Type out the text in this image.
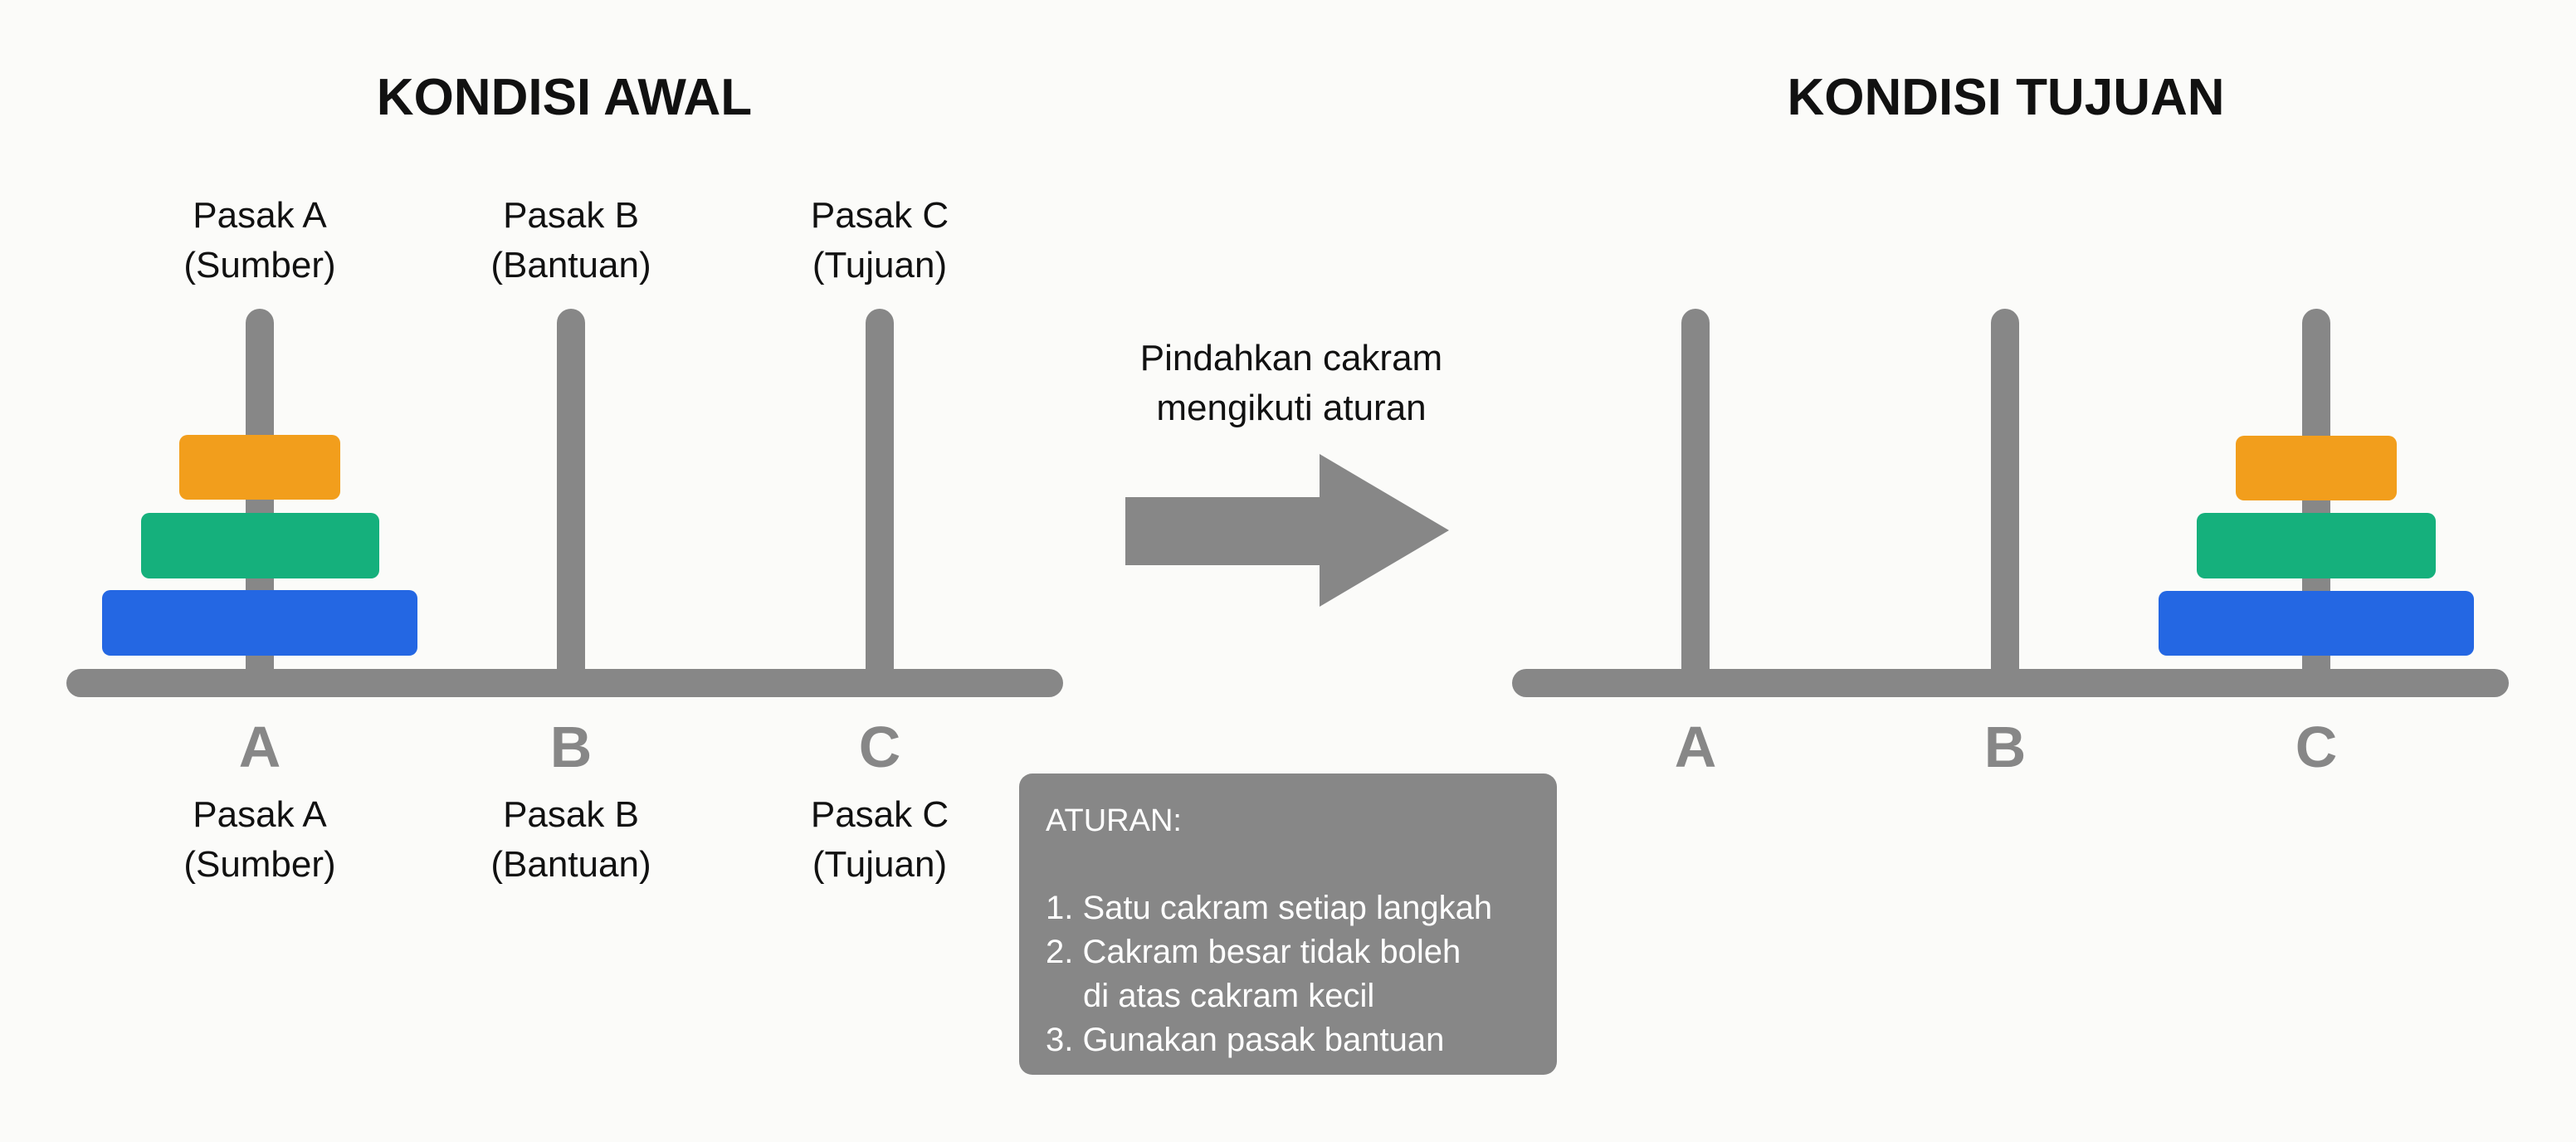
KONDISI AWAL
Pasak A
(Sumber)
Pasak B
(Bantuan)
Pasak C
(Tujuan)
A	B	C
Pasak A
(Sumber)
Pasak B
(Bantuan)
Pasak C
(Tujuan)
Pindahkan cakram
mengikuti aturan
ATURAN:
1. Satu cakram setiap langkah
2. Cakram besar tidak boleh
di atas cakram kecil
3. Gunakan pasak bantuan
KONDISI TUJUAN
A	B	C
